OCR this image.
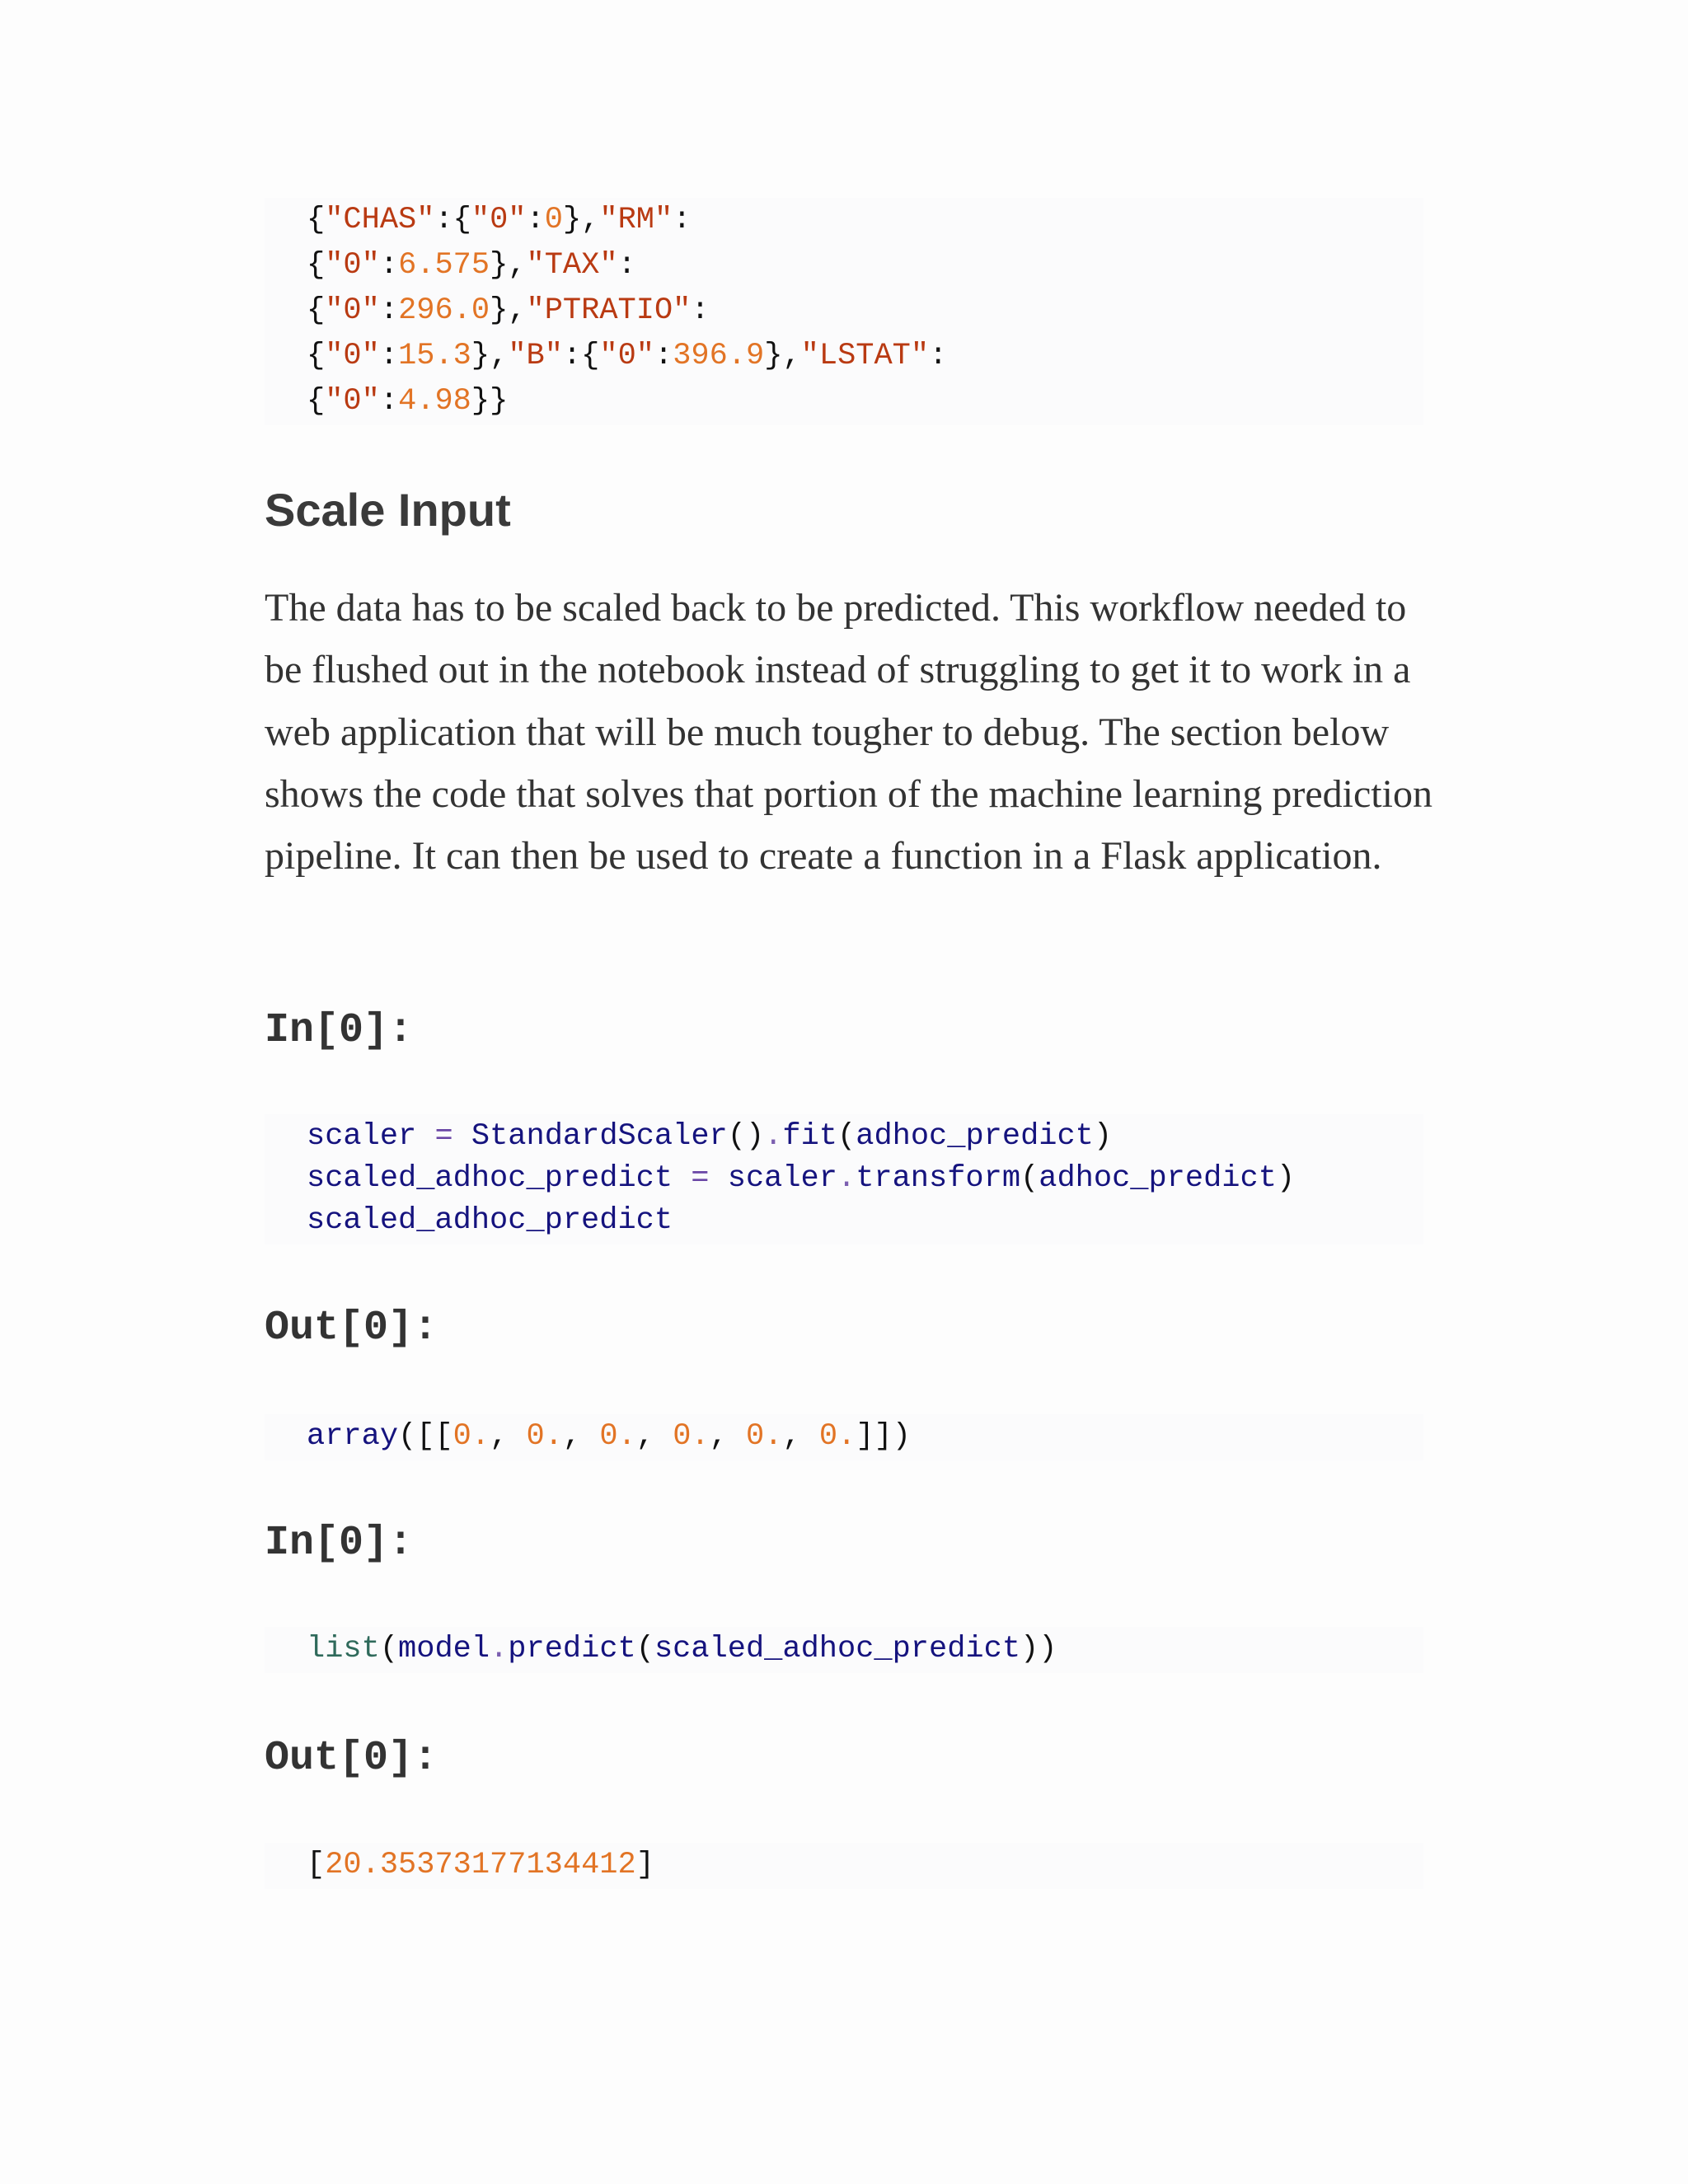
{"CHAS":{"0":0},"RM":
{"0":6.575},"TAX":
{"0":296.0},"PTRATIO":
{"0":15.3},"B":{"0":396.9},"LSTAT":
{"0":4.98}}
Scale Input

The data has to be scaled back to be predicted. This workflow needed to be flushed out in the notebook instead of struggling to get it to work in a web application that will be much tougher to debug. The section below shows the code that solves that portion of the machine learning prediction pipeline. It can then be used to create a function in a Flask application.

In[0]:
scaler = StandardScaler().fit(adhoc_predict)
scaled_adhoc_predict = scaler.transform(adhoc_predict)
scaled_adhoc_predict
Out[0]:
array([[0., 0., 0., 0., 0., 0.]])
In[0]:
list(model.predict(scaled_adhoc_predict))
Out[0]:
[20.35373177134412]
